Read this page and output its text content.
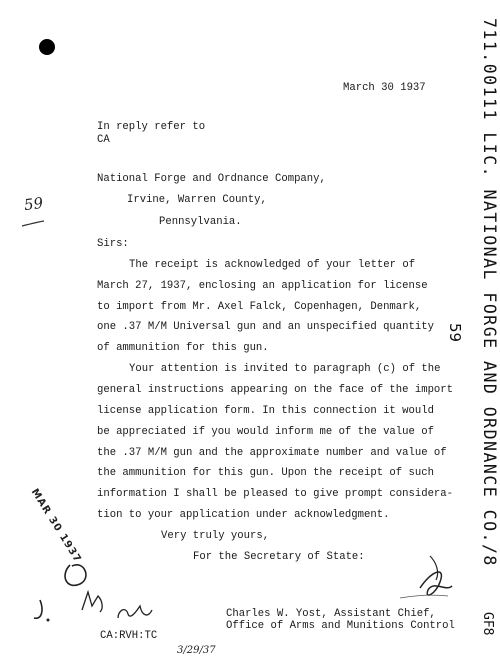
March 30 1937
In reply refer to
CA
National Forge and Ordnance Company,
Irvine, Warren County,
Pennsylvania.
Sirs:
The receipt is acknowledged of your letter of
March 27, 1937, enclosing an application for license
to import from Mr. Axel Falck, Copenhagen, Denmark,
one .37 M/M Universal gun and an unspecified quantity
of ammunition for this gun.
Your attention is invited to paragraph (c) of the
general instructions appearing on the face of the import
license application form. In this connection it would
be appreciated if you would inform me of the value of
the .37 M/M gun and the approximate number and value of
the ammunition for this gun. Upon the receipt of such
information I shall be pleased to give prompt considera-
tion to your application under acknowledgment.
Very truly yours,
For the Secretary of State:
Charles W. Yost, Assistant Chief,
Office of Arms and Munitions Control
CA:RVH:TC
3/29/37
711.00111 LIC. NATIONAL FORGE AND ORDNANCE CO./8
GF8
59
59
MAR 30 1937
